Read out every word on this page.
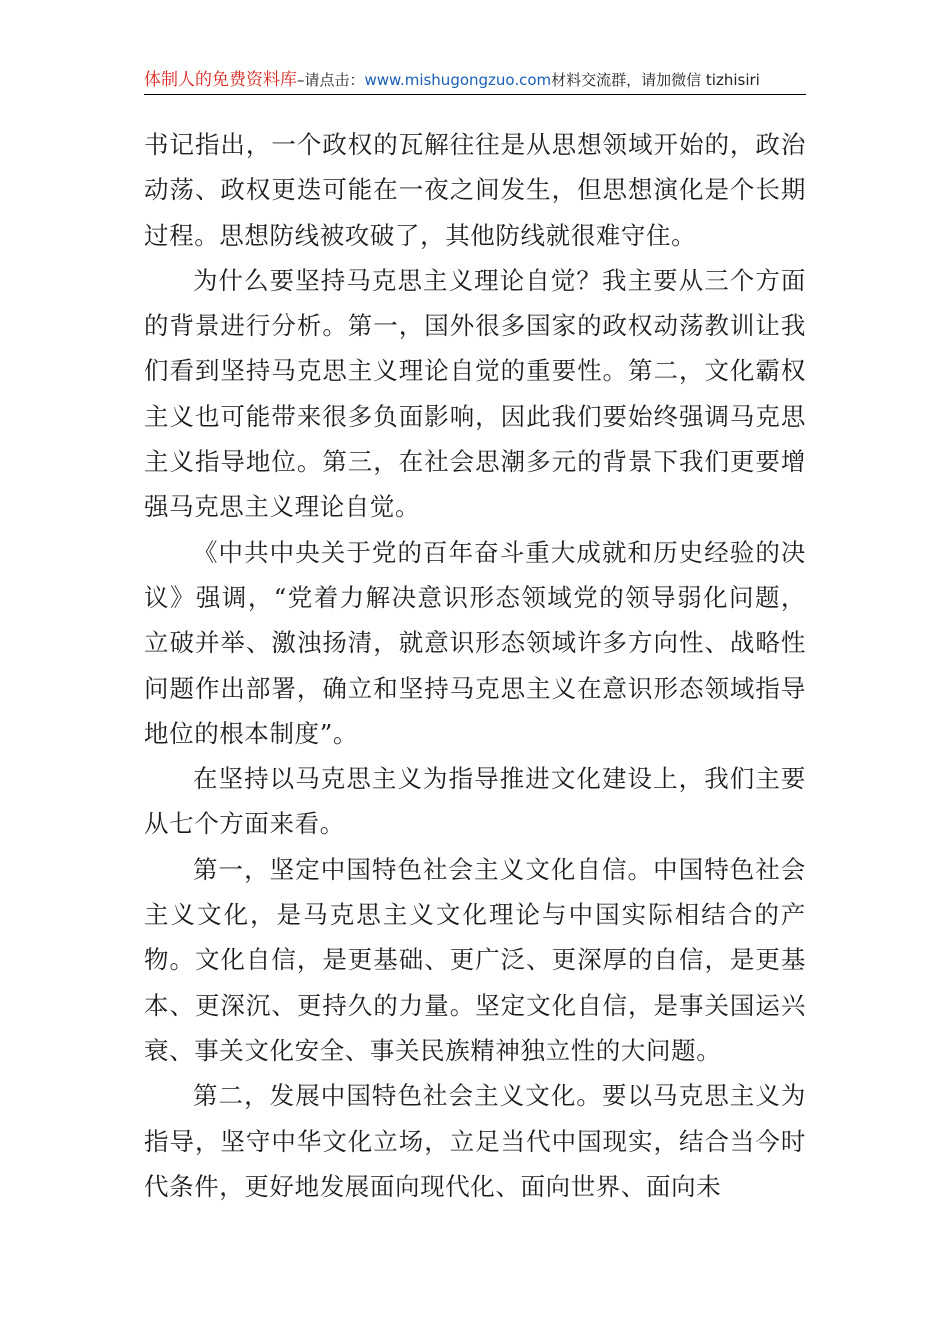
体制人的免费资料库–请点击：www.mishugongzuo.com材料交流群，请加微信 tizhisiri

书记指出，一个政权的瓦解往往是从思想领域开始的，政治动荡、政权更迭可能在一夜之间发生，但思想演化是个长期过程。思想防线被攻破了，其他防线就很难守住。

为什么要坚持马克思主义理论自觉？我主要从三个方面的背景进行分析。第一，国外很多国家的政权动荡教训让我们看到坚持马克思主义理论自觉的重要性。第二，文化霸权主义也可能带来很多负面影响，因此我们要始终强调马克思主义指导地位。第三，在社会思潮多元的背景下我们更要增强马克思主义理论自觉。

《中共中央关于党的百年奋斗重大成就和历史经验的决议》强调，“党着力解决意识形态领域党的领导弱化问题，立破并举、激浊扬清，就意识形态领域许多方向性、战略性问题作出部署，确立和坚持马克思主义在意识形态领域指导地位的根本制度”。

在坚持以马克思主义为指导推进文化建设上，我们主要从七个方面来看。

第一，坚定中国特色社会主义文化自信。中国特色社会主义文化，是马克思主义文化理论与中国实际相结合的产物。文化自信，是更基础、更广泛、更深厚的自信，是更基本、更深沉、更持久的力量。坚定文化自信，是事关国运兴衰、事关文化安全、事关民族精神独立性的大问题。

第二，发展中国特色社会主义文化。要以马克思主义为指导，坚守中华文化立场，立足当代中国现实，结合当今时代条件，更好地发展面向现代化、面向世界、面向未
